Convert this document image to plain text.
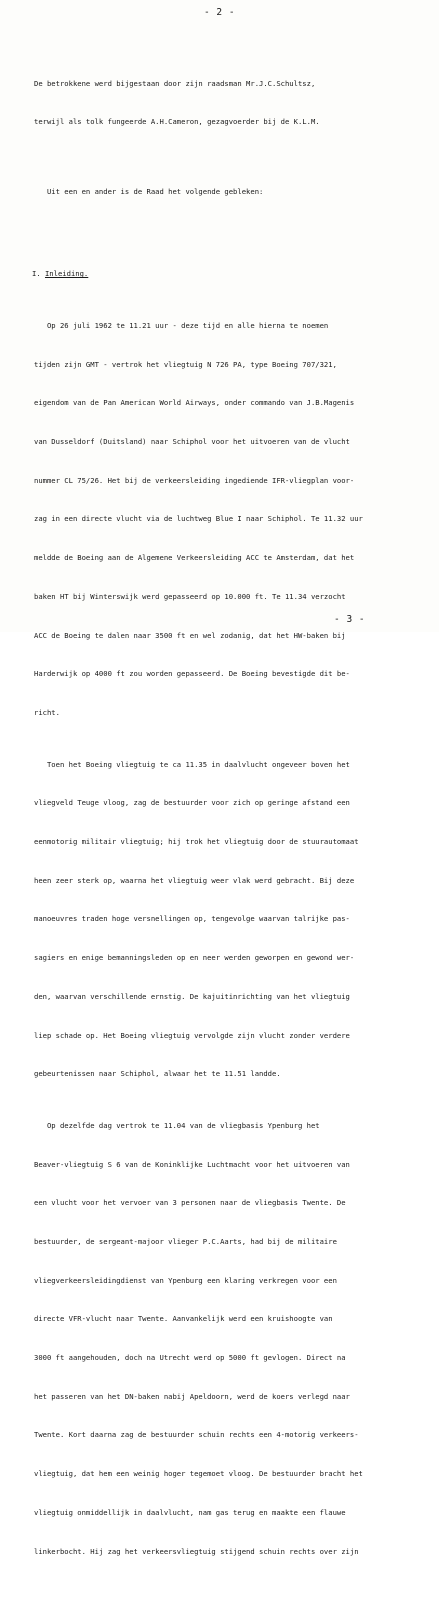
- 2 -

De betrokkene werd bijgestaan door zijn raadsman Mr.J.C.Schultsz,

terwijl als tolk fungeerde A.H.Cameron, gezagvoerder bij de K.L.M.

Uit een en ander is de Raad het volgende gebleken:

I. Inleiding.

Op 26 juli 1962 te 11.21 uur - deze tijd en alle hierna te noemen

tijden zijn GMT - vertrok het vliegtuig N 726 PA, type Boeing 707/321,

eigendom van de Pan American World Airways, onder commando van J.B.Magenis

van Dusseldorf (Duitsland) naar Schiphol voor het uitvoeren van de vlucht

nummer CL 75/26. Het bij de verkeersleiding ingediende IFR-vliegplan voor-

zag in een directe vlucht via de luchtweg Blue I naar Schiphol. Te 11.32 uur

meldde de Boeing aan de Algemene Verkeersleiding ACC te Amsterdam, dat het

baken HT bij Winterswijk werd gepasseerd op 10.000 ft. Te 11.34 verzocht

ACC de Boeing te dalen naar 3500 ft en wel zodanig, dat het HW-baken bij

Harderwijk op 4000 ft zou worden gepasseerd. De Boeing bevestigde dit be-

richt.

Toen het Boeing vliegtuig te ca 11.35 in daalvlucht ongeveer boven het

vliegveld Teuge vloog, zag de bestuurder voor zich op geringe afstand een

eenmotorig militair vliegtuig; hij trok het vliegtuig door de stuurautomaat

heen zeer sterk op, waarna het vliegtuig weer vlak werd gebracht. Bij deze

manoeuvres traden hoge versnellingen op, tengevolge waarvan talrijke pas-

sagiers en enige bemanningsleden op en neer werden geworpen en gewond wer-

den, waarvan verschillende ernstig. De kajuitinrichting van het vliegtuig

liep schade op. Het Boeing vliegtuig vervolgde zijn vlucht zonder verdere

gebeurtenissen naar Schiphol, alwaar het te 11.51 landde.

Op dezelfde dag vertrok te 11.04 van de vliegbasis Ypenburg het

Beaver-vliegtuig S 6 van de Koninklijke Luchtmacht voor het uitvoeren van

een vlucht voor het vervoer van 3 personen naar de vliegbasis Twente. De

bestuurder, de sergeant-majoor vlieger P.C.Aarts, had bij de militaire

vliegverkeersleidingdienst van Ypenburg een klaring verkregen voor een

directe VFR-vlucht naar Twente. Aanvankelijk werd een kruishoogte van

3000 ft aangehouden, doch na Utrecht werd op 5000 ft gevlogen. Direct na

het passeren van het DN-baken nabij Apeldoorn, werd de koers verlegd naar

Twente. Kort daarna zag de bestuurder schuin rechts een 4-motorig verkeers-

vliegtuig, dat hem een weinig hoger tegemoet vloog. De bestuurder bracht het

vliegtuig onmiddellijk in daalvlucht, nam gas terug en maakte een flauwe

linkerbocht. Hij zag het verkeersvliegtuig stijgend schuin rechts over zijn

- 3 -
